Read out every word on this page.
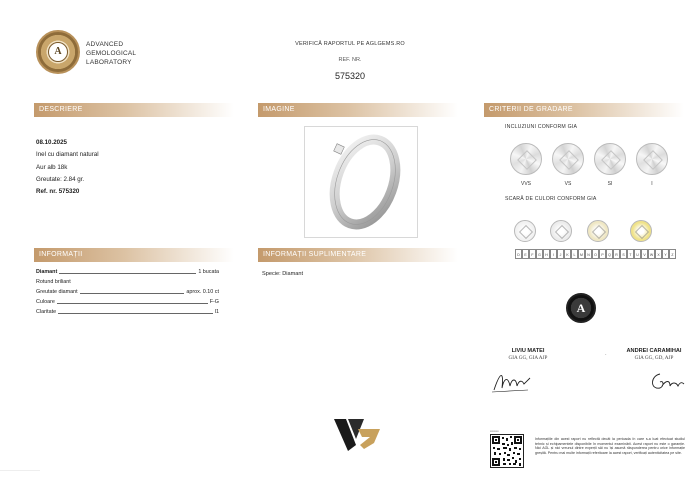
A
ADVANCED
GEMOLOGICAL
LABORATORY
VERIFICĂ RAPORTUL PE AGLGEMS.RO
REF. NR.
575320
DESCRIERE	IMAGINE	CRITERII DE GRADARE
INFORMAȚII	INFORMAȚII SUPLIMENTARE
08.10.2025
Inel cu diamant natural
Aur alb 18k
Greutate: 2.84 gr.
Ref. nr. 575320
INCLUZIUNI CONFORM GIA
VVS	VS	SI	I
SCARĂ DE CULORI CONFORM GIA
D	E	F	G	H	I	J	K	L	M	N	O	P	Q	R	S	T	U	V	W	X	Y	Z
A
Diamant	1 bucata
Rotund briliant
Greutate diamant	aprox. 0.10 ct
Culoare	F-G
Claritate	I1
Specie: Diamant
LIVIU MATEI
GIA GG, GIA AJP
ANDREI CARAMIHAI
GIA GG, GD, AJP
·
▪▪▪▪▪▪▪▪
Informațiile din acest raport nu reflectă decât la perioada în care s-a luat efectuat studiul tehnic și echipamentele disponibile în momentul examinării. Acest raport nu este o garanție. Nici AGL și nici vreunul dintre experții săi nu își asumă răspunderea pentru orice informație greșită. Pentru mai multe informații referitoare la acest raport, verificați autenticitatea pe site.
